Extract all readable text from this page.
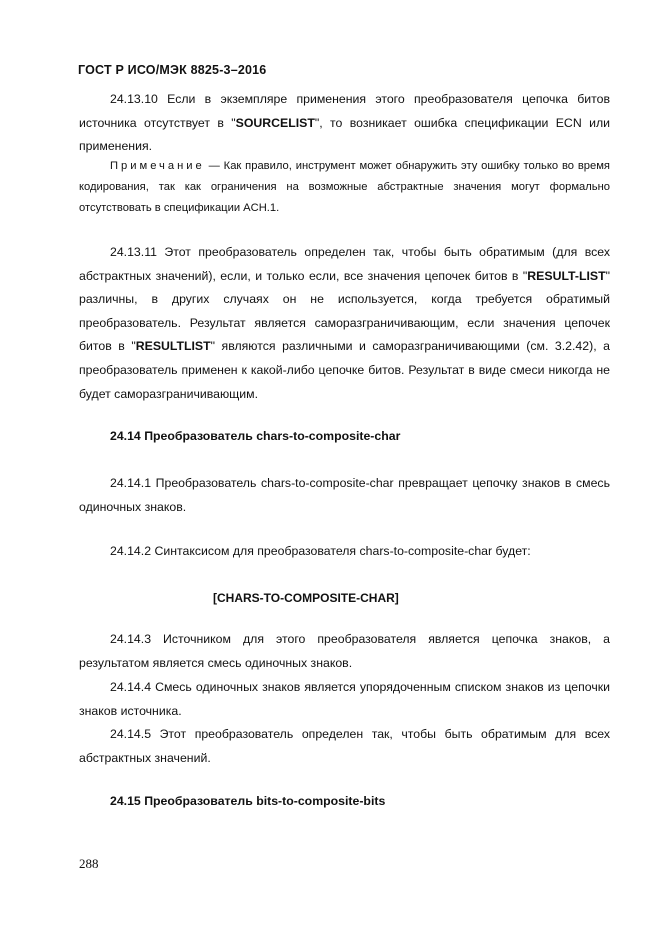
ГОСТ Р ИСО/МЭК 8825-3–2016

24.13.10 Если в экземпляре применения этого преобразователя цепочка битов источника отсутствует в "SOURCELIST", то возникает ошибка спецификации ECN или применения.

Примечание — Как правило, инструмент может обнаружить эту ошибку только во время кодирования, так как ограничения на возможные абстрактные значения могут формально отсутствовать в спецификации ACH.1.

24.13.11 Этот преобразователь определен так, чтобы быть обратимым (для всех абстрактных значений), если, и только если, все значения цепочек битов в "RESULT-LIST" различны, в других случаях он не используется, когда требуется обратимый преобразователь. Результат является саморазграничивающим, если значения цепочек битов в "RESULTLIST" являются различными и саморазграничивающими (см. 3.2.42), а преобразователь применен к какой-либо цепочке битов. Результат в виде смеси никогда не будет саморазграничивающим.

24.14 Преобразователь chars-to-composite-char

24.14.1 Преобразователь chars-to-composite-char превращает цепочку знаков в смесь одиночных знаков.

24.14.2 Синтаксисом для преобразователя chars-to-composite-char будет:

[CHARS-TO-COMPOSITE-CHAR]

24.14.3 Источником для этого преобразователя является цепочка знаков, а результатом является смесь одиночных знаков.

24.14.4 Смесь одиночных знаков является упорядоченным списком знаков из цепочки знаков источника.

24.14.5 Этот преобразователь определен так, чтобы быть обратимым для всех абстрактных значений.

24.15 Преобразователь bits-to-composite-bits
288
